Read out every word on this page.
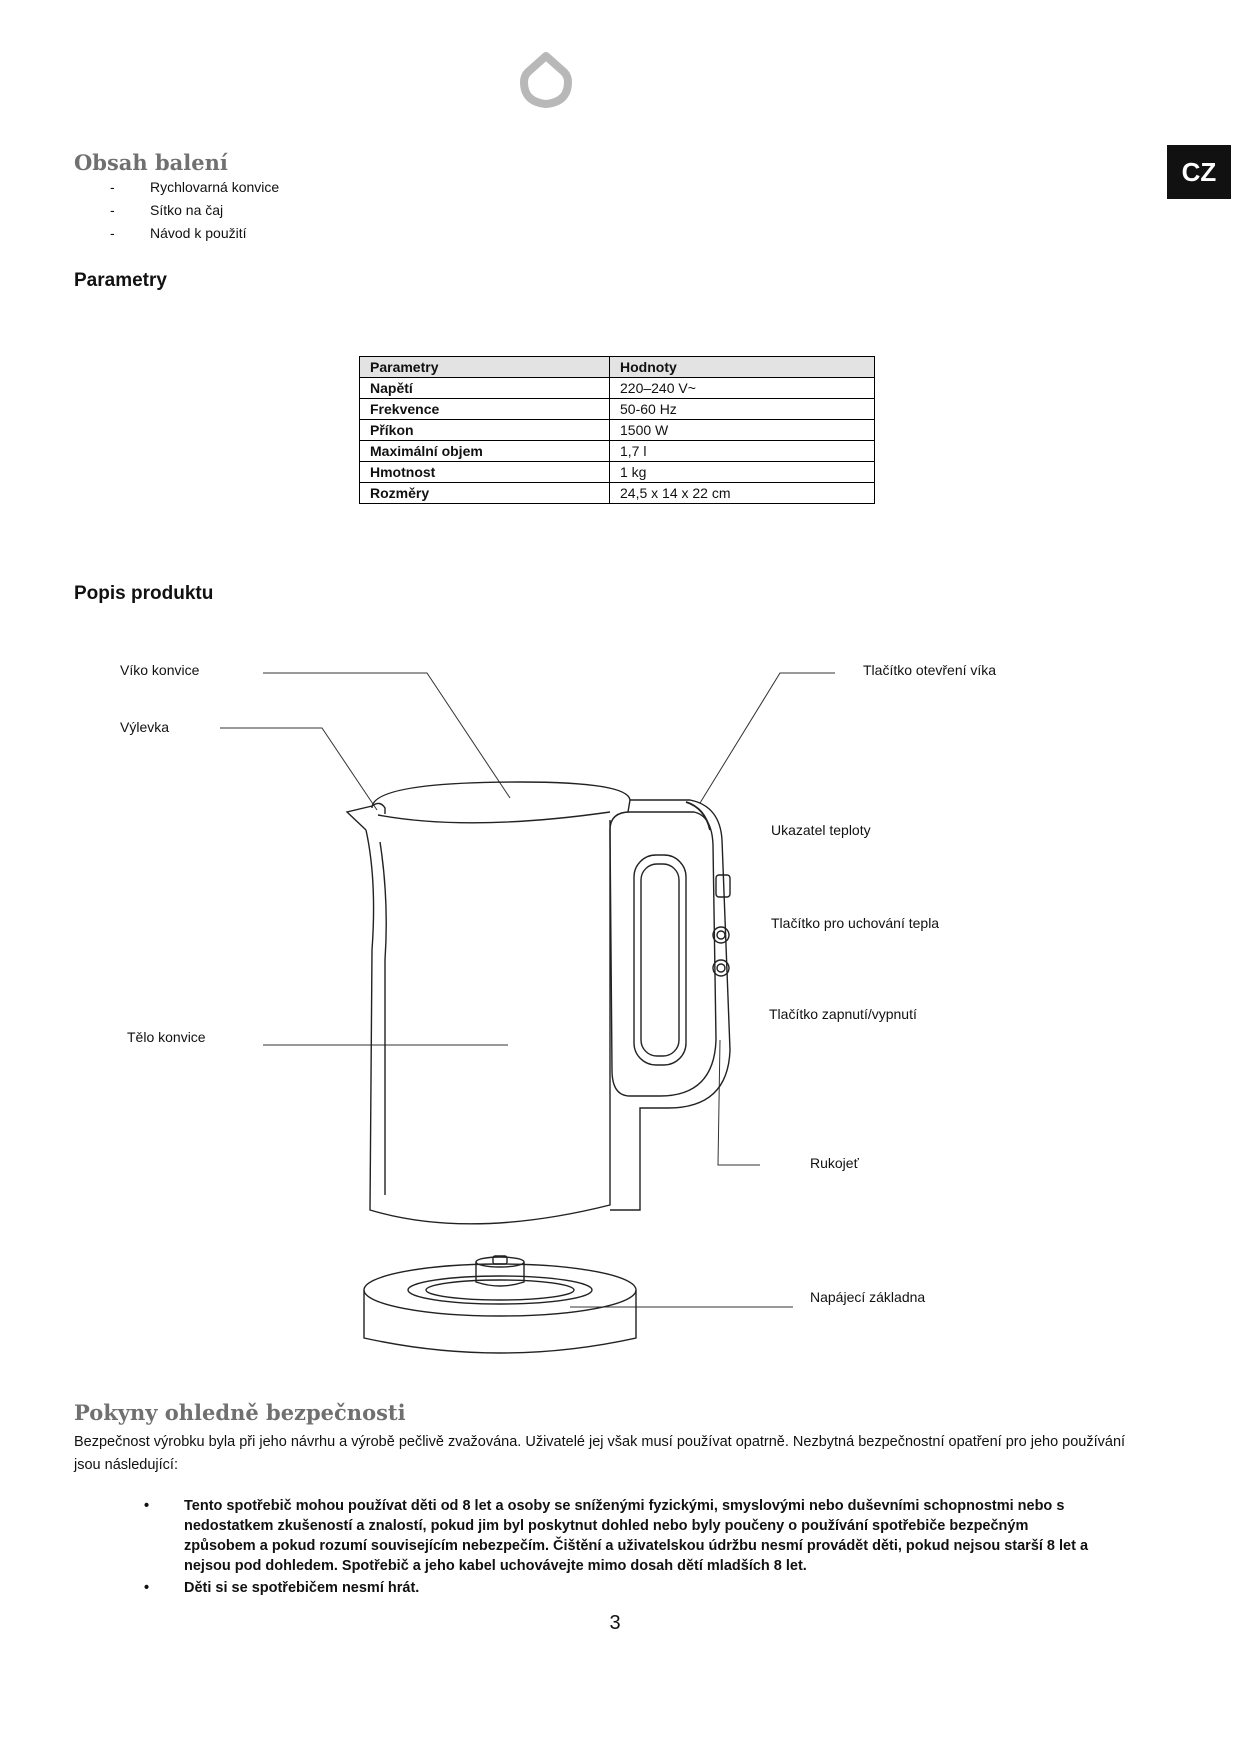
CZ
Obsah balení
-	Rychlovarná konvice
-	Sítko na čaj
-	Návod k použití
Parametry
Parametry	Hodnoty
Napětí	220–240 V~
Frekvence	50-60 Hz
Příkon	1500 W
Maximální objem	1,7 l
Hmotnost	1 kg
Rozměry	24,5 x 14 x 22 cm
Popis produktu
Víko konvice
Výlevka
Tělo konvice
Tlačítko otevření víka
Ukazatel teploty
Tlačítko pro uchování tepla
Tlačítko zapnutí/vypnutí
Rukojeť
Napájecí základna
Pokyny ohledně bezpečnosti
Bezpečnost výrobku byla při jeho návrhu a výrobě pečlivě zvažována. Uživatelé jej však musí používat opatrně. Nezbytná bezpečnostní opatření pro jeho používání jsou následující:
• Tento spotřebič mohou používat děti od 8 let a osoby se sníženými fyzickými, smyslovými nebo duševními schopnostmi nebo s nedostatkem zkušeností a znalostí, pokud jim byl poskytnut dohled nebo byly poučeny o používání spotřebiče bezpečným způsobem a pokud rozumí souvisejícím nebezpečím. Čištění a uživatelskou údržbu nesmí provádět děti, pokud nejsou starší 8 let a nejsou pod dohledem. Spotřebič a jeho kabel uchovávejte mimo dosah dětí mladších 8 let.
• Děti si se spotřebičem nesmí hrát.
3
